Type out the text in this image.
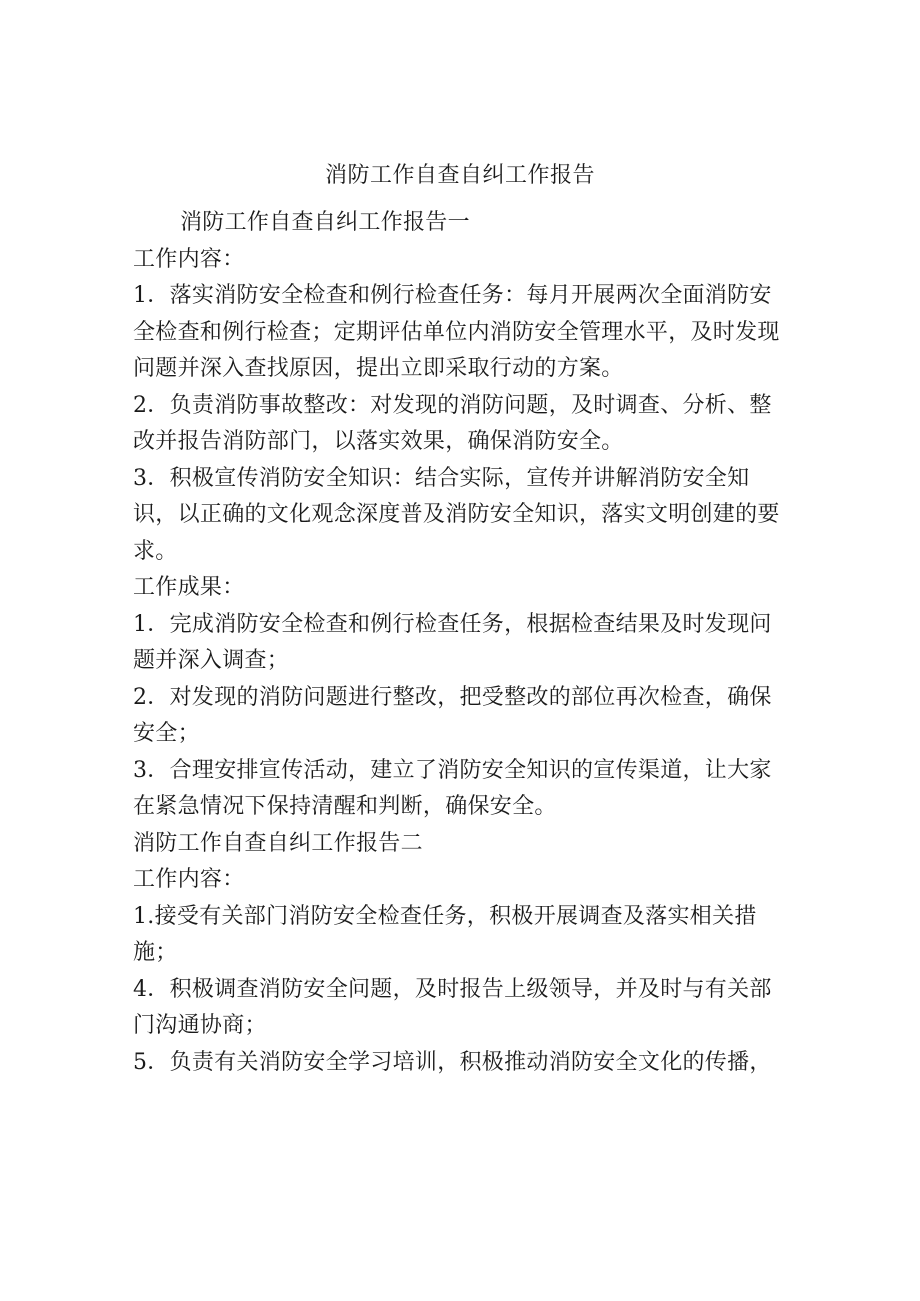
消防工作自查自纠工作报告

消防工作自查自纠工作报告一

工作内容：

1．落实消防安全检查和例行检查任务：每月开展两次全面消防安全检查和例行检查；定期评估单位内消防安全管理水平，及时发现问题并深入查找原因，提出立即采取行动的方案。

2．负责消防事故整改：对发现的消防问题，及时调查、分析、整改并报告消防部门，以落实效果，确保消防安全。

3．积极宣传消防安全知识：结合实际，宣传并讲解消防安全知识，以正确的文化观念深度普及消防安全知识，落实文明创建的要求。

工作成果：

1．完成消防安全检查和例行检查任务，根据检查结果及时发现问题并深入调查；

2．对发现的消防问题进行整改，把受整改的部位再次检查，确保安全；

3．合理安排宣传活动，建立了消防安全知识的宣传渠道，让大家在紧急情况下保持清醒和判断，确保安全。

消防工作自查自纠工作报告二

工作内容：

1.接受有关部门消防安全检查任务，积极开展调查及落实相关措施；

4．积极调查消防安全问题，及时报告上级领导，并及时与有关部门沟通协商；

5．负责有关消防安全学习培训，积极推动消防安全文化的传播，
